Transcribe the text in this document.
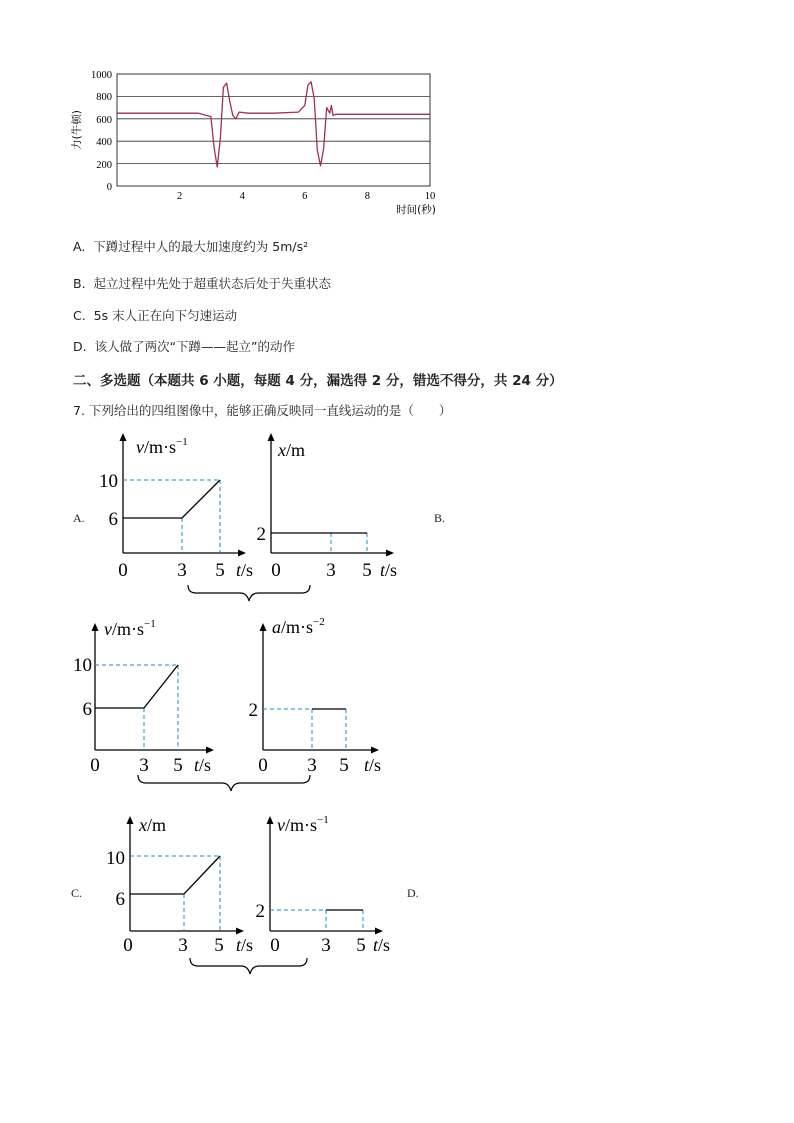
1000
800
600
400
200
0
2	4	6	8	10
时间(秒)
力(牛顿)
A. 下蹲过程中人的最大加速度约为 5m/s²
B. 起立过程中先处于超重状态后处于失重状态
C. 5s 末人正在向下匀速运动
D. 该人做了两次“下蹲——起立”的动作
二、多选题（本题共 6 小题，每题 4 分，漏选得 2 分，错选不得分，共 24 分）
7. 下列给出的四组图像中，能够正确反映同一直线运动的是（　　）
A.	B.
C.	D.
10
6
0	3 5 t/s
$v/m\cdot s^{-1}$
2
0 3 5 t/s
x/m
10
6
0 3 5 t/s
$v/m\cdot s^{-1}$
2
0 3 5 t/s
$a/m\cdot s^{-2}$
10
6
0 3 5 t/s
x/m
2
0 3 5 t/s
$v/m\cdot s^{-1}$
